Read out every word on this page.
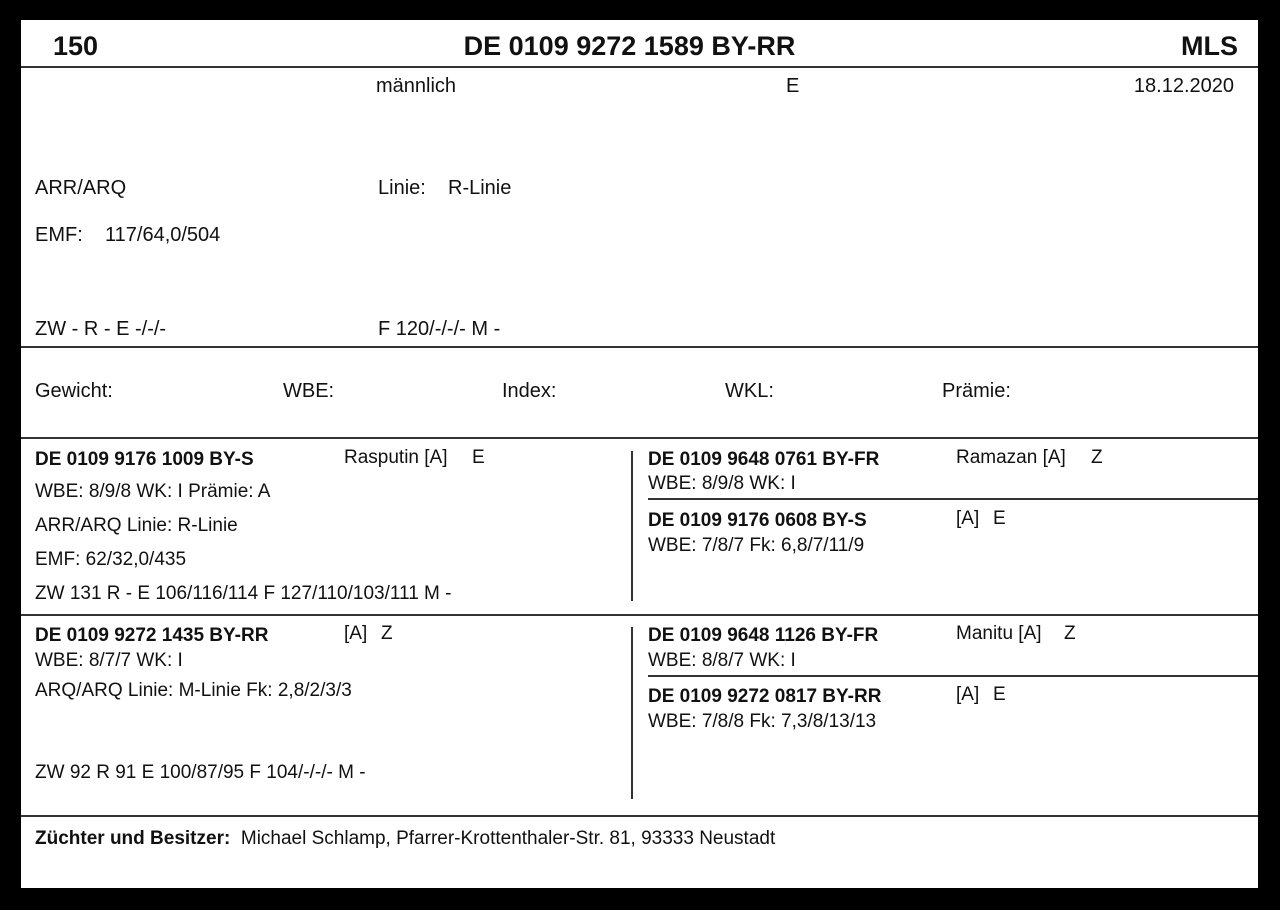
150	DE 0109 9272 1589 BY-RR	MLS
männlich	E	18.12.2020
ARR/ARQ	Linie: R-Linie
EMF: 117/64,0/504
ZW - R - E -/-/-	F 120/-/-/- M -
Gewicht:	WBE:	Index:	WKL:	Prämie:
DE 0109 9176 1009 BY-S	Rasputin [A] E
WBE: 8/9/8 WK: I Prämie: A
ARR/ARQ Linie: R-Linie
EMF: 62/32,0/435
ZW 131 R - E 106/116/114 F 127/110/103/111 M -
DE 0109 9648 0761 BY-FR	Ramazan [A] Z
WBE: 8/9/8 WK: I
DE 0109 9176 0608 BY-S	[A] E
WBE: 7/8/7 Fk: 6,8/7/11/9
DE 0109 9272 1435 BY-RR	[A] Z
WBE: 8/7/7 WK: I
ARQ/ARQ Linie: M-Linie Fk: 2,8/2/3/3
ZW 92 R 91 E 100/87/95 F 104/-/-/- M -
DE 0109 9648 1126 BY-FR	Manitu [A] Z
WBE: 8/8/7 WK: I
DE 0109 9272 0817 BY-RR	[A] E
WBE: 7/8/8 Fk: 7,3/8/13/13
Züchter und Besitzer: Michael Schlamp, Pfarrer-Krottenthaler-Str. 81, 93333 Neustadt
